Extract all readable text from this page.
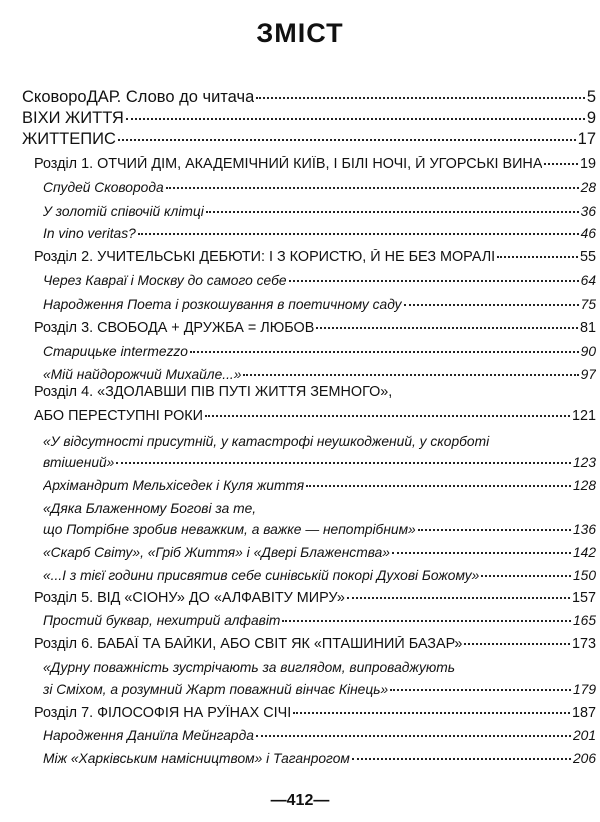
ЗМІСТ
СковороДАР. Слово до читача	5
ВІХИ ЖИТТЯ	9
ЖИТТЕПИС	17
Розділ 1. ОТЧИЙ ДІМ, АКАДЕМІЧНИЙ КИЇВ, І БІЛІ НОЧІ, Й УГОРСЬКІ ВИНА	19
Спудей Сковорода	28
У золотій співочій клітці	36
In vino veritas?	46
Розділ 2. УЧИТЕЛЬСЬКІ ДЕБЮТИ: І З КОРИСТЮ, Й НЕ БЕЗ МОРАЛІ	55
Через Кавраї і Москву до самого себе	64
Народження Поета і розкошування в поетичному саду	75
Розділ 3. СВОБОДА + ДРУЖБА = ЛЮБОВ	81
Старицьке intermezzo	90
«Мій найдорожчий Михайле...»	97
Розділ 4. «ЗДОЛАВШИ ПІВ ПУТІ ЖИТТЯ ЗЕМНОГО»,
АБО ПЕРЕСТУПНІ РОКИ	121
«У відсутності присутній, у катастрофі неушкоджений, у скорботі
втішений»	123
Архімандрит Мельхіседек і Куля життя	128
«Дяка Блаженному Богові за те,
що Потрібне зробив неважким, а важке — непотрібним»	136
«Скарб Світу», «Гріб Життя» і «Двері Блаженства»	142
«...І з тієї години присвятив себе синівській покорі Духові Божому»	150
Розділ 5. ВІД «СІОНУ» ДО «АЛФАВІТУ МИРУ»	157
Простий буквар, нехитрий алфавіт	165
Розділ 6. БАБАЇ ТА БАЙКИ, АБО СВІТ ЯК «ПТАШИНИЙ БАЗАР»	173
«Дурну поважність зустрічають за виглядом, випроваджують
зі Сміхом, а розумний Жарт поважний вінчає Кінець»	179
Розділ 7. ФІЛОСОФІЯ НА РУЇНАХ СІЧІ	187
Народження Даниїла Мейнгарда	201
Між «Харківським намісництвом» і Таганрогом	206
—412—
